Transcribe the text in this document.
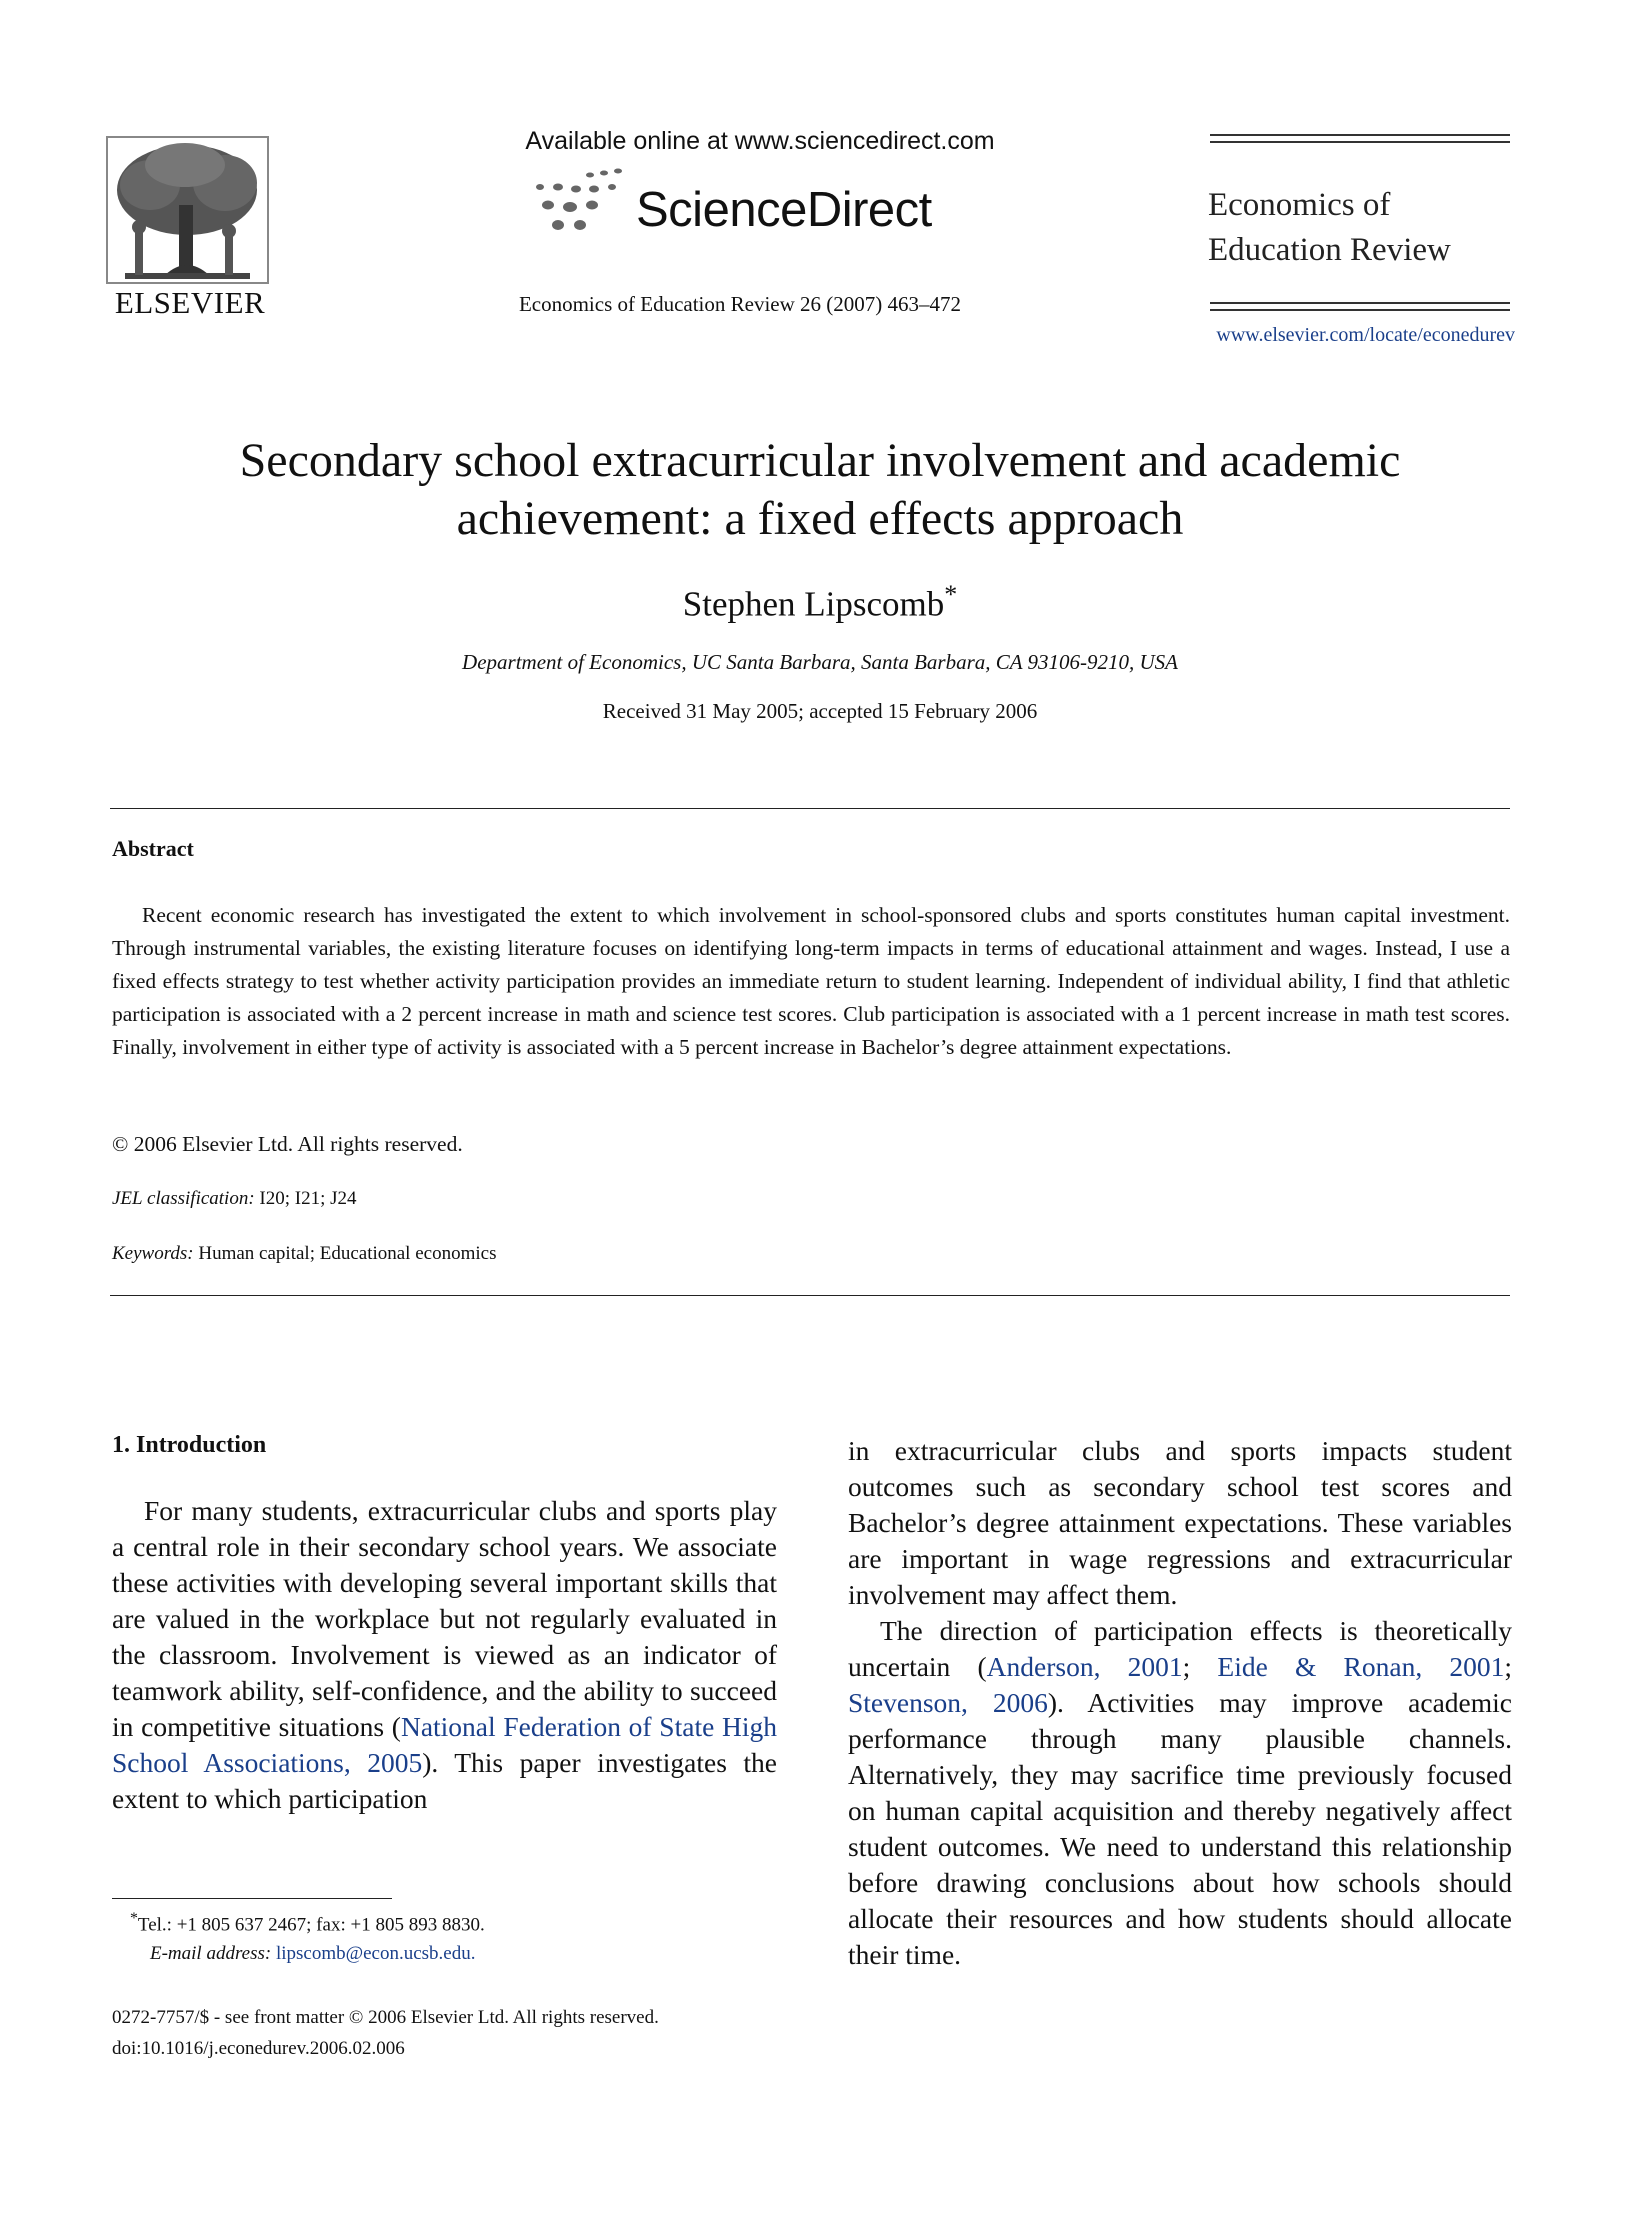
ELSEVIER
Available online at www.sciencedirect.com
ScienceDirect
Economics of Education Review 26 (2007) 463–472
Economics of
Education Review
www.elsevier.com/locate/econedurev
Secondary school extracurricular involvement and academic
achievement: a fixed effects approach
Stephen Lipscomb*
Department of Economics, UC Santa Barbara, Santa Barbara, CA 93106-9210, USA
Received 31 May 2005; accepted 15 February 2006
Abstract
Recent economic research has investigated the extent to which involvement in school-sponsored clubs and sports constitutes human capital investment. Through instrumental variables, the existing literature focuses on identifying long-term impacts in terms of educational attainment and wages. Instead, I use a fixed effects strategy to test whether activity participation provides an immediate return to student learning. Independent of individual ability, I find that athletic participation is associated with a 2 percent increase in math and science test scores. Club participation is associated with a 1 percent increase in math test scores. Finally, involvement in either type of activity is associated with a 5 percent increase in Bachelor’s degree attainment expectations.
© 2006 Elsevier Ltd. All rights reserved.
JEL classification: I20; I21; J24
Keywords: Human capital; Educational economics
1. Introduction
For many students, extracurricular clubs and sports play a central role in their secondary school years. We associate these activities with developing several important skills that are valued in the workplace but not regularly evaluated in the classroom. Involvement is viewed as an indicator of teamwork ability, self-confidence, and the ability to succeed in competitive situations (National Federation of State High School Associations, 2005). This paper investigates the extent to which participation
in extracurricular clubs and sports impacts student outcomes such as secondary school test scores and Bachelor’s degree attainment expectations. These variables are important in wage regressions and extracurricular involvement may affect them.
The direction of participation effects is theoretically uncertain (Anderson, 2001; Eide & Ronan, 2001; Stevenson, 2006). Activities may improve academic performance through many plausible channels. Alternatively, they may sacrifice time previously focused on human capital acquisition and thereby negatively affect student outcomes. We need to understand this relationship before drawing conclusions about how schools should allocate their resources and how students should allocate their time.
*Tel.: +1 805 637 2467; fax: +1 805 893 8830.
E-mail address: lipscomb@econ.ucsb.edu.
0272-7757/$ - see front matter © 2006 Elsevier Ltd. All rights reserved.
doi:10.1016/j.econedurev.2006.02.006
